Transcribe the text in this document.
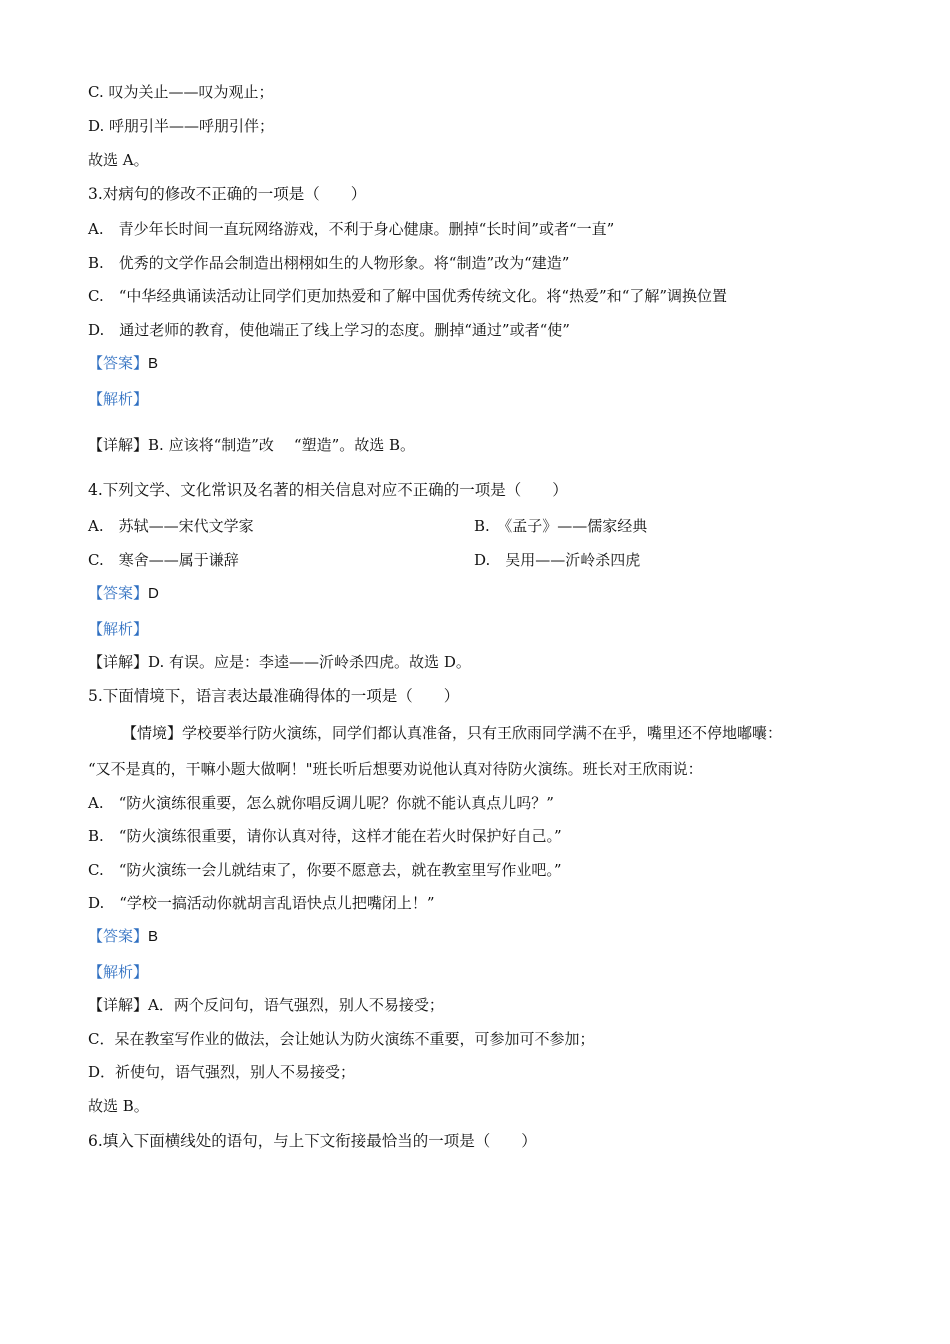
C. 叹为关止——叹为观止；
D. 呼朋引半——呼朋引伴；
故选 A。
3.对病句的修改不正确的一项是（　　）
A.　青少年长时间一直玩网络游戏，不利于身心健康。删掉“长时间”或者“一直”
B.　优秀的文学作品会制造出栩栩如生的人物形象。将“制造”改为“建造”
C.　“中华经典诵读活动让同学们更加热爱和了解中国优秀传统文化。将“热爱”和“了解”调换位置
D.　通过老师的教育，使他端正了线上学习的态度。删掉“通过”或者“使”
【答案】B
【解析】
【详解】B. 应该将“制造”改 “塑造”。故选 B。
4.下列文学、文化常识及名著的相关信息对应不正确的一项是（　　）
A.　苏轼——宋代文学家	B.　《孟子》——儒家经典
C.　寒舍——属于谦辞	D.　吴用——沂岭杀四虎
【答案】D
【解析】
【详解】D. 有误。应是：李逵——沂岭杀四虎。故选 D。
5.下面情境下，语言表达最准确得体的一项是（　　）
【情境】学校要举行防火演练，同学们都认真准备，只有王欣雨同学满不在乎，嘴里还不停地嘟囔：
“又不是真的，干嘛小题大做啊！"班长听后想要劝说他认真对待防火演练。班长对王欣雨说：
A.　“防火演练很重要，怎么就你唱反调儿呢？你就不能认真点儿吗？”
B.　“防火演练很重要，请你认真对待，这样才能在若火时保护好自己。”
C.　“防火演练一会儿就结束了，你要不愿意去，就在教室里写作业吧。”
D.　“学校一搞活动你就胡言乱语快点儿把嘴闭上！”
【答案】B
【解析】
【详解】A．两个反问句，语气强烈，别人不易接受；
C．呆在教室写作业的做法，会让她认为防火演练不重要，可参加可不参加；
D．祈使句，语气强烈，别人不易接受；
故选 B。
6.填入下面横线处的语句，与上下文衔接最恰当的一项是（　　）
